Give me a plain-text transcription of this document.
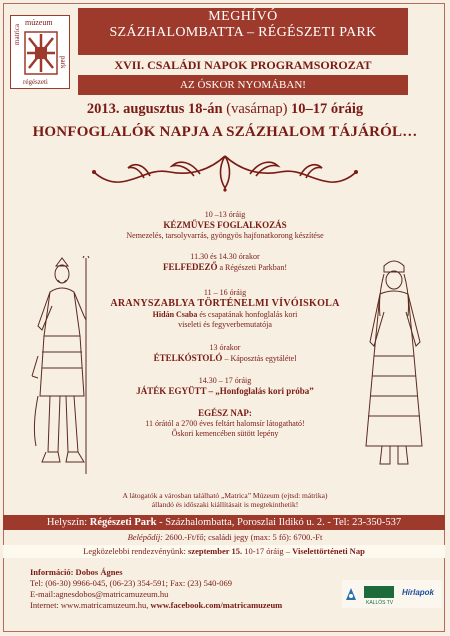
múzeum
matrica
park
régészeti
MEGHÍVÓ
SZÁZHALOMBATTA – RÉGÉSZETI PARK
XVII. CSALÁDI NAPOK PROGRAMSOROZAT
AZ ÓSKOR NYOMÁBAN!
2013. augusztus 18-án (vasárnap) 10–17 óráig
HONFOGLALÓK NAPJA A SZÁZHALOM TÁJÁRÓL…
10 –13 óráig
KÉZMŰVES FOGLALKOZÁS
Nemezelés, tarsolyvarrás, gyöngyös hajfonatkorong készítése
11.30 és 14.30 órakor
FELFEDEZŐ a Régészeti Parkban!
11 – 16 óráig
ARANYSZABLYA TÖRTÉNELMI VÍVÓISKOLA
Hidán Csaba és csapatának honfoglalás kori
viseleti és fegyverbemutatója
13 órakor
ÉTELKÓSTOLÓ – Káposztás egytálétel
14.30 – 17 óráig
JÁTÉK EGYÜTT – „Honfoglalás kori próba”
EGÉSZ NAP:
11 órától a 2700 éves feltárt halomsír látogatható!
Őskori kemencében sütött lepény
A látogatók a városban található „Matrica” Múzeum (ejtsd: mátrika)
állandó és időszaki kiállításait is megtekinthetik!
Helyszín: Régészeti Park - Százhalombatta, Poroszlai Ildikó u. 2. - Tel: 23-350-537
Belépődíj: 2600.-Ft/fő; családi jegy (max: 5 fő): 6700.-Ft
Legközelebbi rendezvényünk: szeptember 15. 10-17 óráig – Viselettörténeti Nap
Információ: Dobos Ágnes
Tel: (06-30) 9966-045, (06-23) 354-591; Fax: (23) 540-069
E-mail:agnesdobos@matricamuzeum.hu
Internet: www.matricamuzeum.hu, www.facebook.com/matricamuzeum	KALLÓS TV
Hírlapok
